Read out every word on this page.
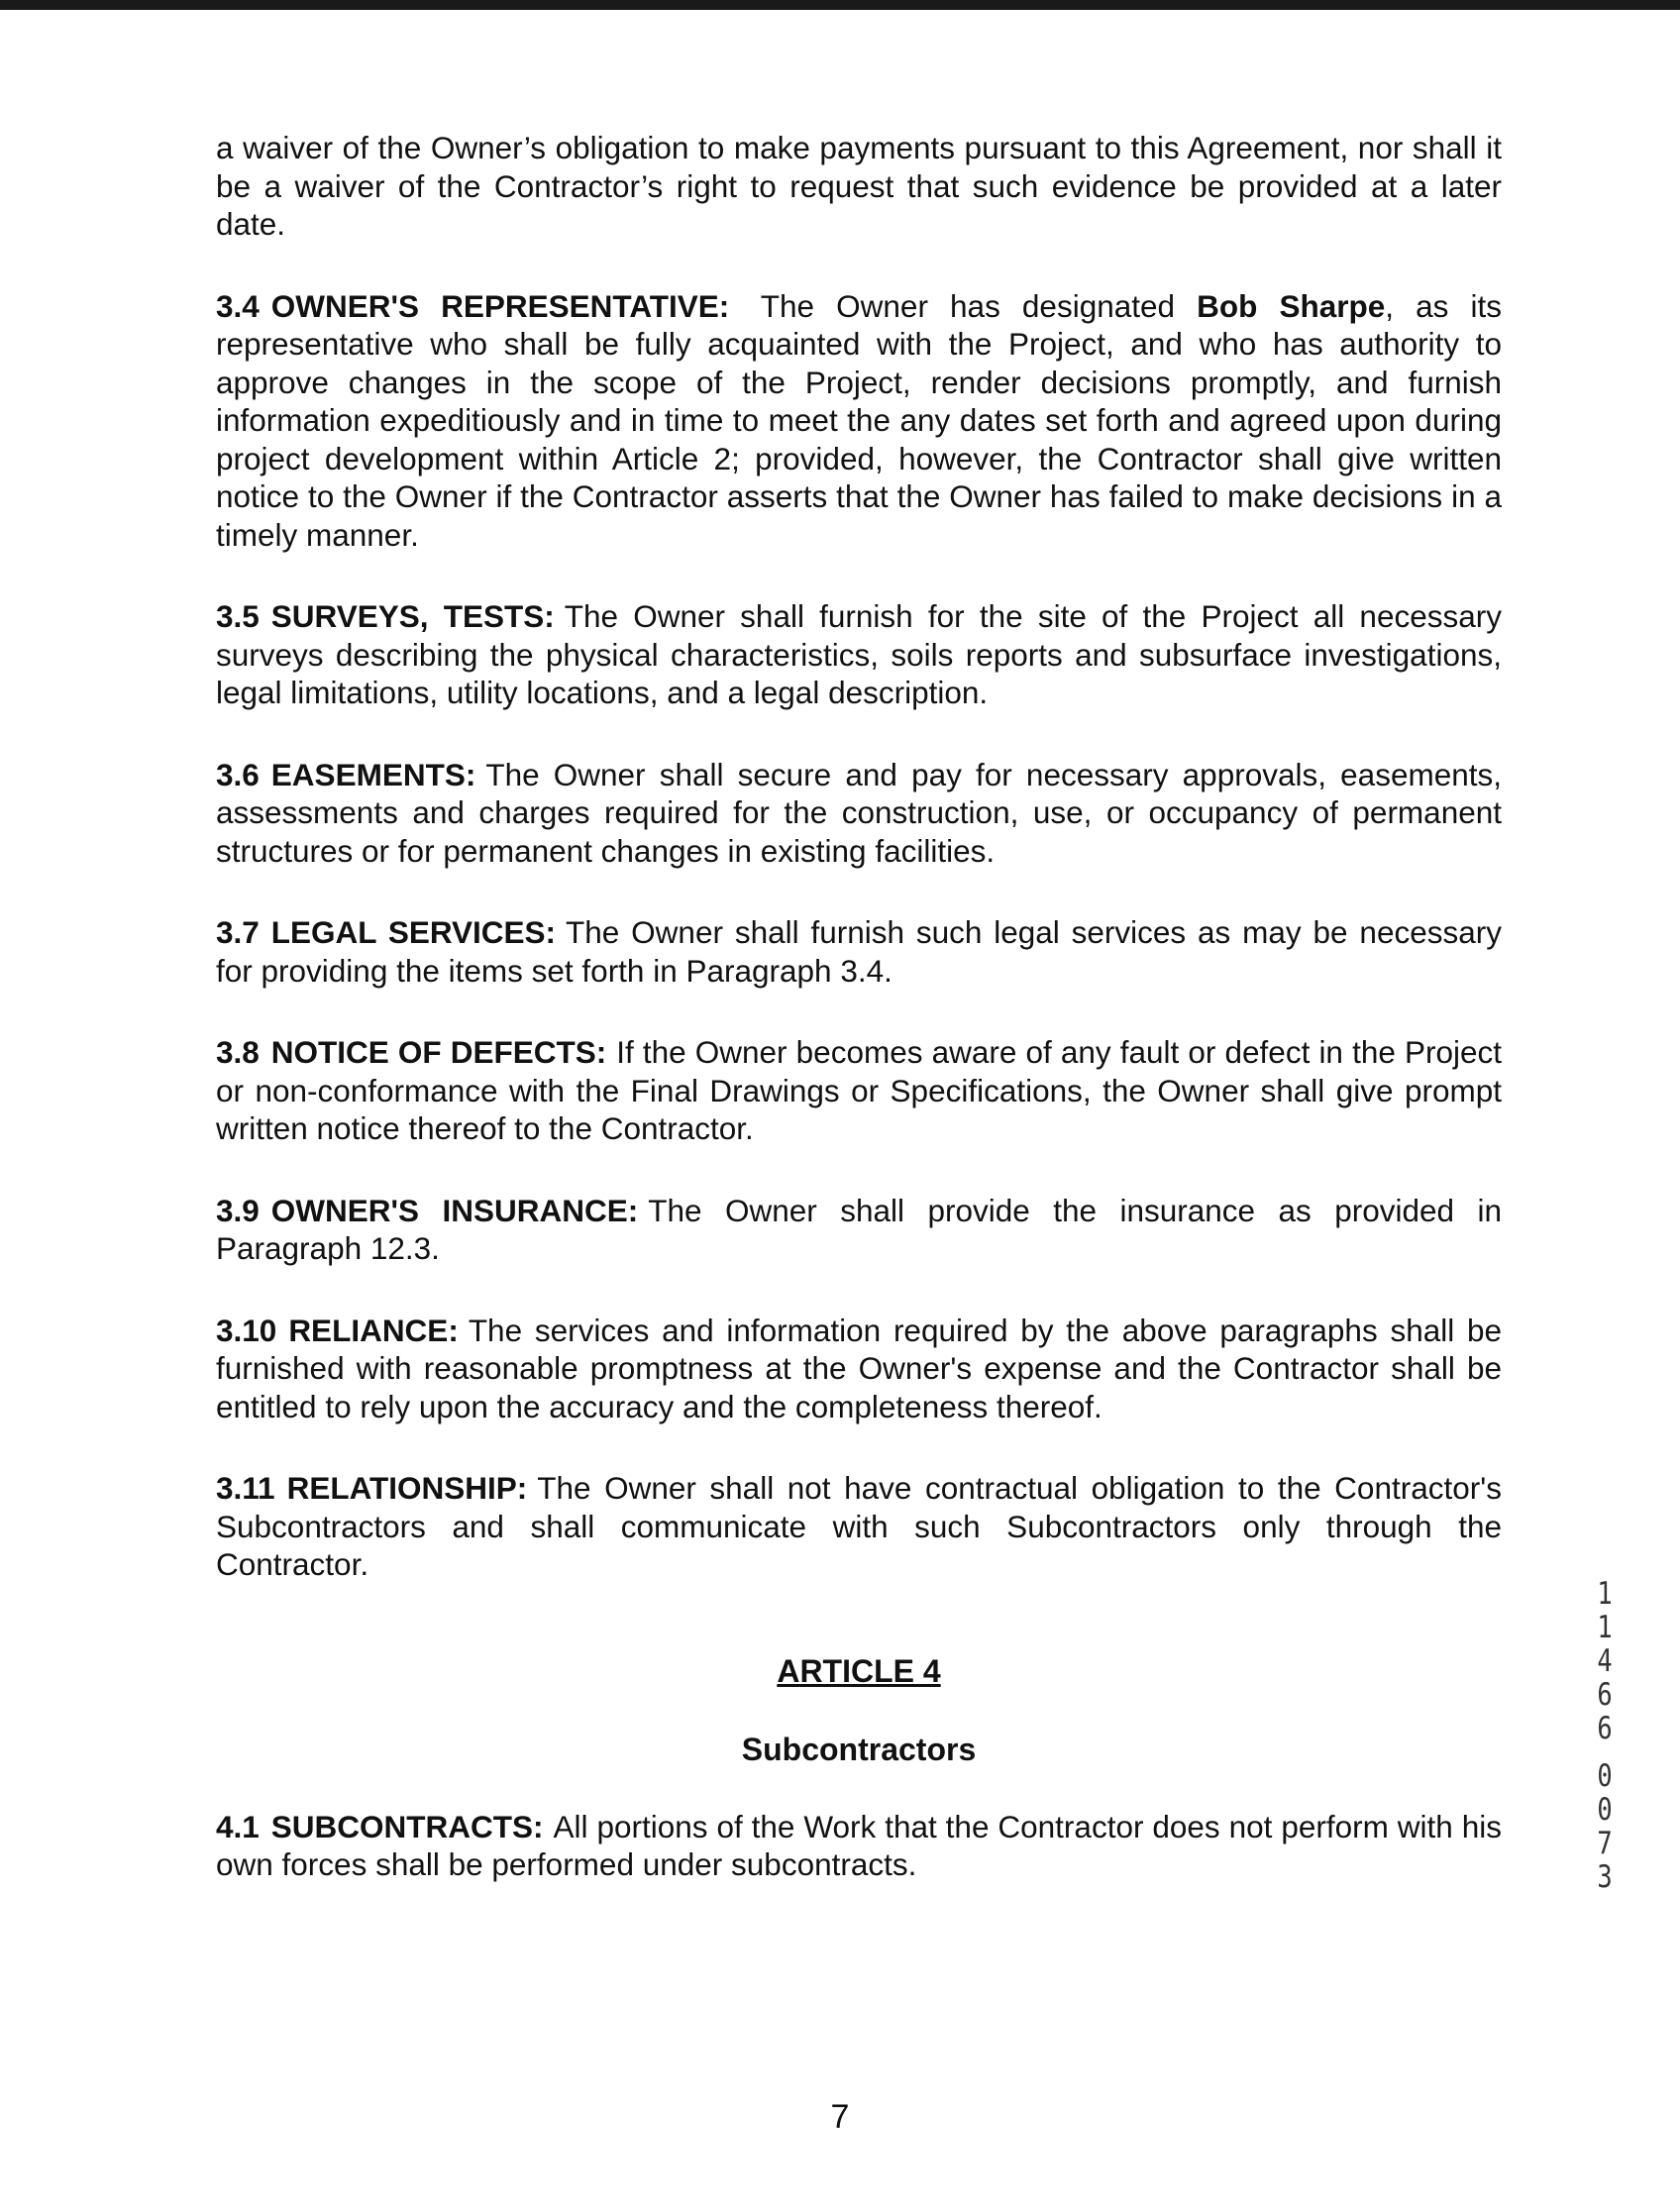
a waiver of the Owner’s obligation to make payments pursuant to this Agreement, nor shall it be a waiver of the Contractor’s right to request that such evidence be provided at a later date.

3.4 OWNER'S REPRESENTATIVE: The Owner has designated Bob Sharpe, as its representative who shall be fully acquainted with the Project, and who has authority to approve changes in the scope of the Project, render decisions promptly, and furnish information expeditiously and in time to meet the any dates set forth and agreed upon during project development within Article 2; provided, however, the Contractor shall give written notice to the Owner if the Contractor asserts that the Owner has failed to make decisions in a timely manner.

3.5 SURVEYS, TESTS: The Owner shall furnish for the site of the Project all necessary surveys describing the physical characteristics, soils reports and subsurface investigations, legal limitations, utility locations, and a legal description.

3.6 EASEMENTS: The Owner shall secure and pay for necessary approvals, easements, assessments and charges required for the construction, use, or occupancy of permanent structures or for permanent changes in existing facilities.

3.7 LEGAL SERVICES: The Owner shall furnish such legal services as may be necessary for providing the items set forth in Paragraph 3.4.

3.8 NOTICE OF DEFECTS: If the Owner becomes aware of any fault or defect in the Project or non-conformance with the Final Drawings or Specifications, the Owner shall give prompt written notice thereof to the Contractor.

3.9 OWNER'S INSURANCE: The Owner shall provide the insurance as provided in Paragraph 12.3.

3.10 RELIANCE: The services and information required by the above paragraphs shall be furnished with reasonable promptness at the Owner's expense and the Contractor shall be entitled to rely upon the accuracy and the completeness thereof.

3.11 RELATIONSHIP: The Owner shall not have contractual obligation to the Contractor's Subcontractors and shall communicate with such Subcontractors only through the Contractor.

ARTICLE 4
Subcontractors

4.1 SUBCONTRACTS: All portions of the Work that the Contractor does not perform with his own forces shall be performed under subcontracts.

1
1
4
6
6
0
0
7
3
7
